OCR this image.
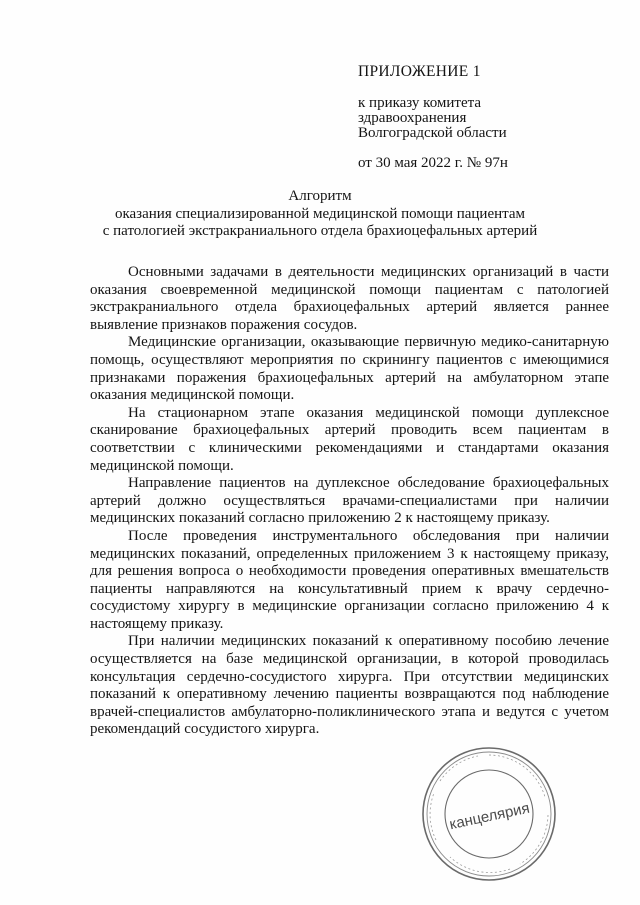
ПРИЛОЖЕНИЕ 1
к приказу комитета
здравоохранения
Волгоградской области
от 30 мая 2022 г. № 97н
Алгоритм
оказания специализированной медицинской помощи пациентам
с патологией экстракраниального отдела брахиоцефальных артерий

Основными задачами в деятельности медицинских организаций в части оказания своевременной медицинской помощи пациентам с патологией экстракраниального отдела брахиоцефальных артерий является раннее выявление признаков поражения сосудов.

Медицинские организации, оказывающие первичную медико-санитарную помощь, осуществляют мероприятия по скринингу пациентов с имеющимися признаками поражения брахиоцефальных артерий на амбулаторном этапе оказания медицинской помощи.

На стационарном этапе оказания медицинской помощи дуплексное сканирование брахиоцефальных артерий проводить всем пациентам в соответствии с клиническими рекомендациями и стандартами оказания медицинской помощи.

Направление пациентов на дуплексное обследование брахиоцефальных артерий должно осуществляться врачами-специалистами при наличии медицинских показаний согласно приложению 2 к настоящему приказу.

После проведения инструментального обследования при наличии медицинских показаний, определенных приложением 3 к настоящему приказу, для решения вопроса о необходимости проведения оперативных вмешательств пациенты направляются на консультативный прием к врачу сердечно-сосудистому хирургу в медицинские организации согласно приложению 4 к настоящему приказу.

При наличии медицинских показаний к оперативному пособию лечение осуществляется на базе медицинской организации, в которой проводилась консультация сердечно-сосудистого хирурга. При отсутствии медицинских показаний к оперативному лечению пациенты возвращаются под наблюдение врачей-специалистов амбулаторно-поликлинического этапа и ведутся с учетом рекомендаций сосудистого хирурга.

канцелярия
